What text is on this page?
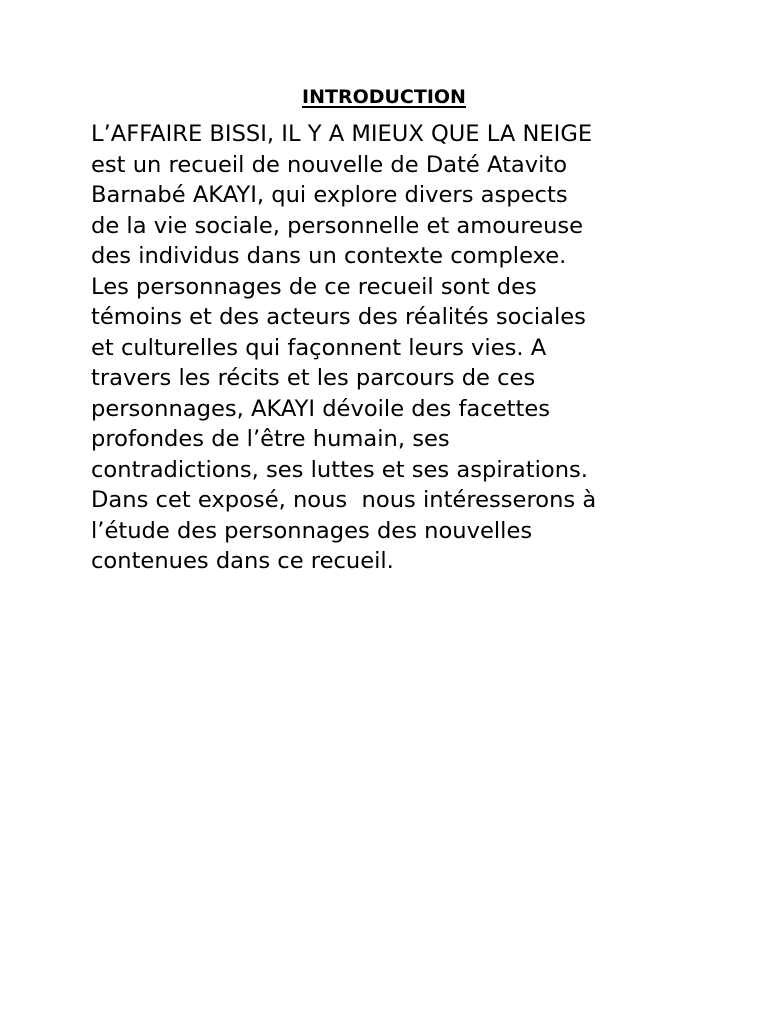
INTRODUCTION

L’AFFAIRE BISSI, IL Y A MIEUX QUE LA NEIGE
est un recueil de nouvelle de Daté Atavito
Barnabé AKAYI, qui explore divers aspects
de la vie sociale, personnelle et amoureuse
des individus dans un contexte complexe.
Les personnages de ce recueil sont des
témoins et des acteurs des réalités sociales
et culturelles qui façonnent leurs vies. A
travers les récits et les parcours de ces
personnages, AKAYI dévoile des facettes
profondes de l’être humain, ses
contradictions, ses luttes et ses aspirations.
Dans cet exposé, nous  nous intéresserons à
l’étude des personnages des nouvelles
contenues dans ce recueil.
